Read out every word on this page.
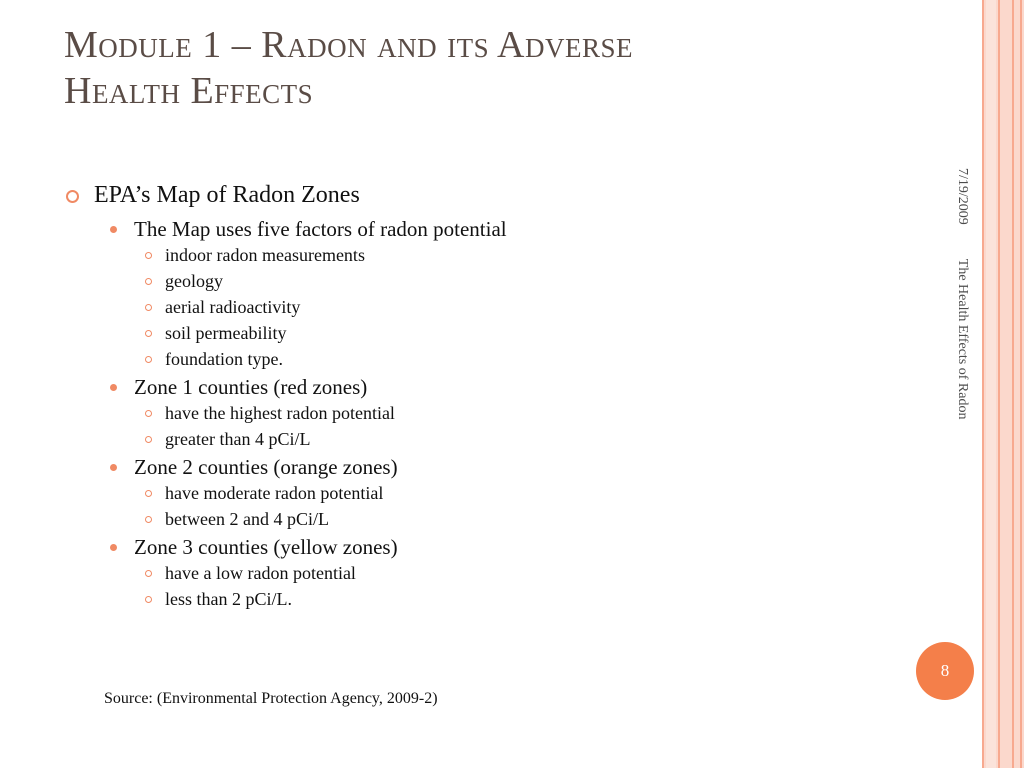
Module 1 – Radon and its Adverse
Health Effects
EPA’s Map of Radon Zones
The Map uses five factors of radon potential
indoor radon measurements
geology
aerial radioactivity
soil permeability
foundation type.
Zone 1 counties (red zones)
have the highest radon potential
greater than 4 pCi/L
Zone 2 counties (orange zones)
have moderate radon potential
between 2 and 4 pCi/L
Zone 3 counties (yellow zones)
have a low radon potential
less than 2 pCi/L.
Source: (Environmental Protection Agency, 2009-2)
7/19/2009The Health Effects of Radon
8
